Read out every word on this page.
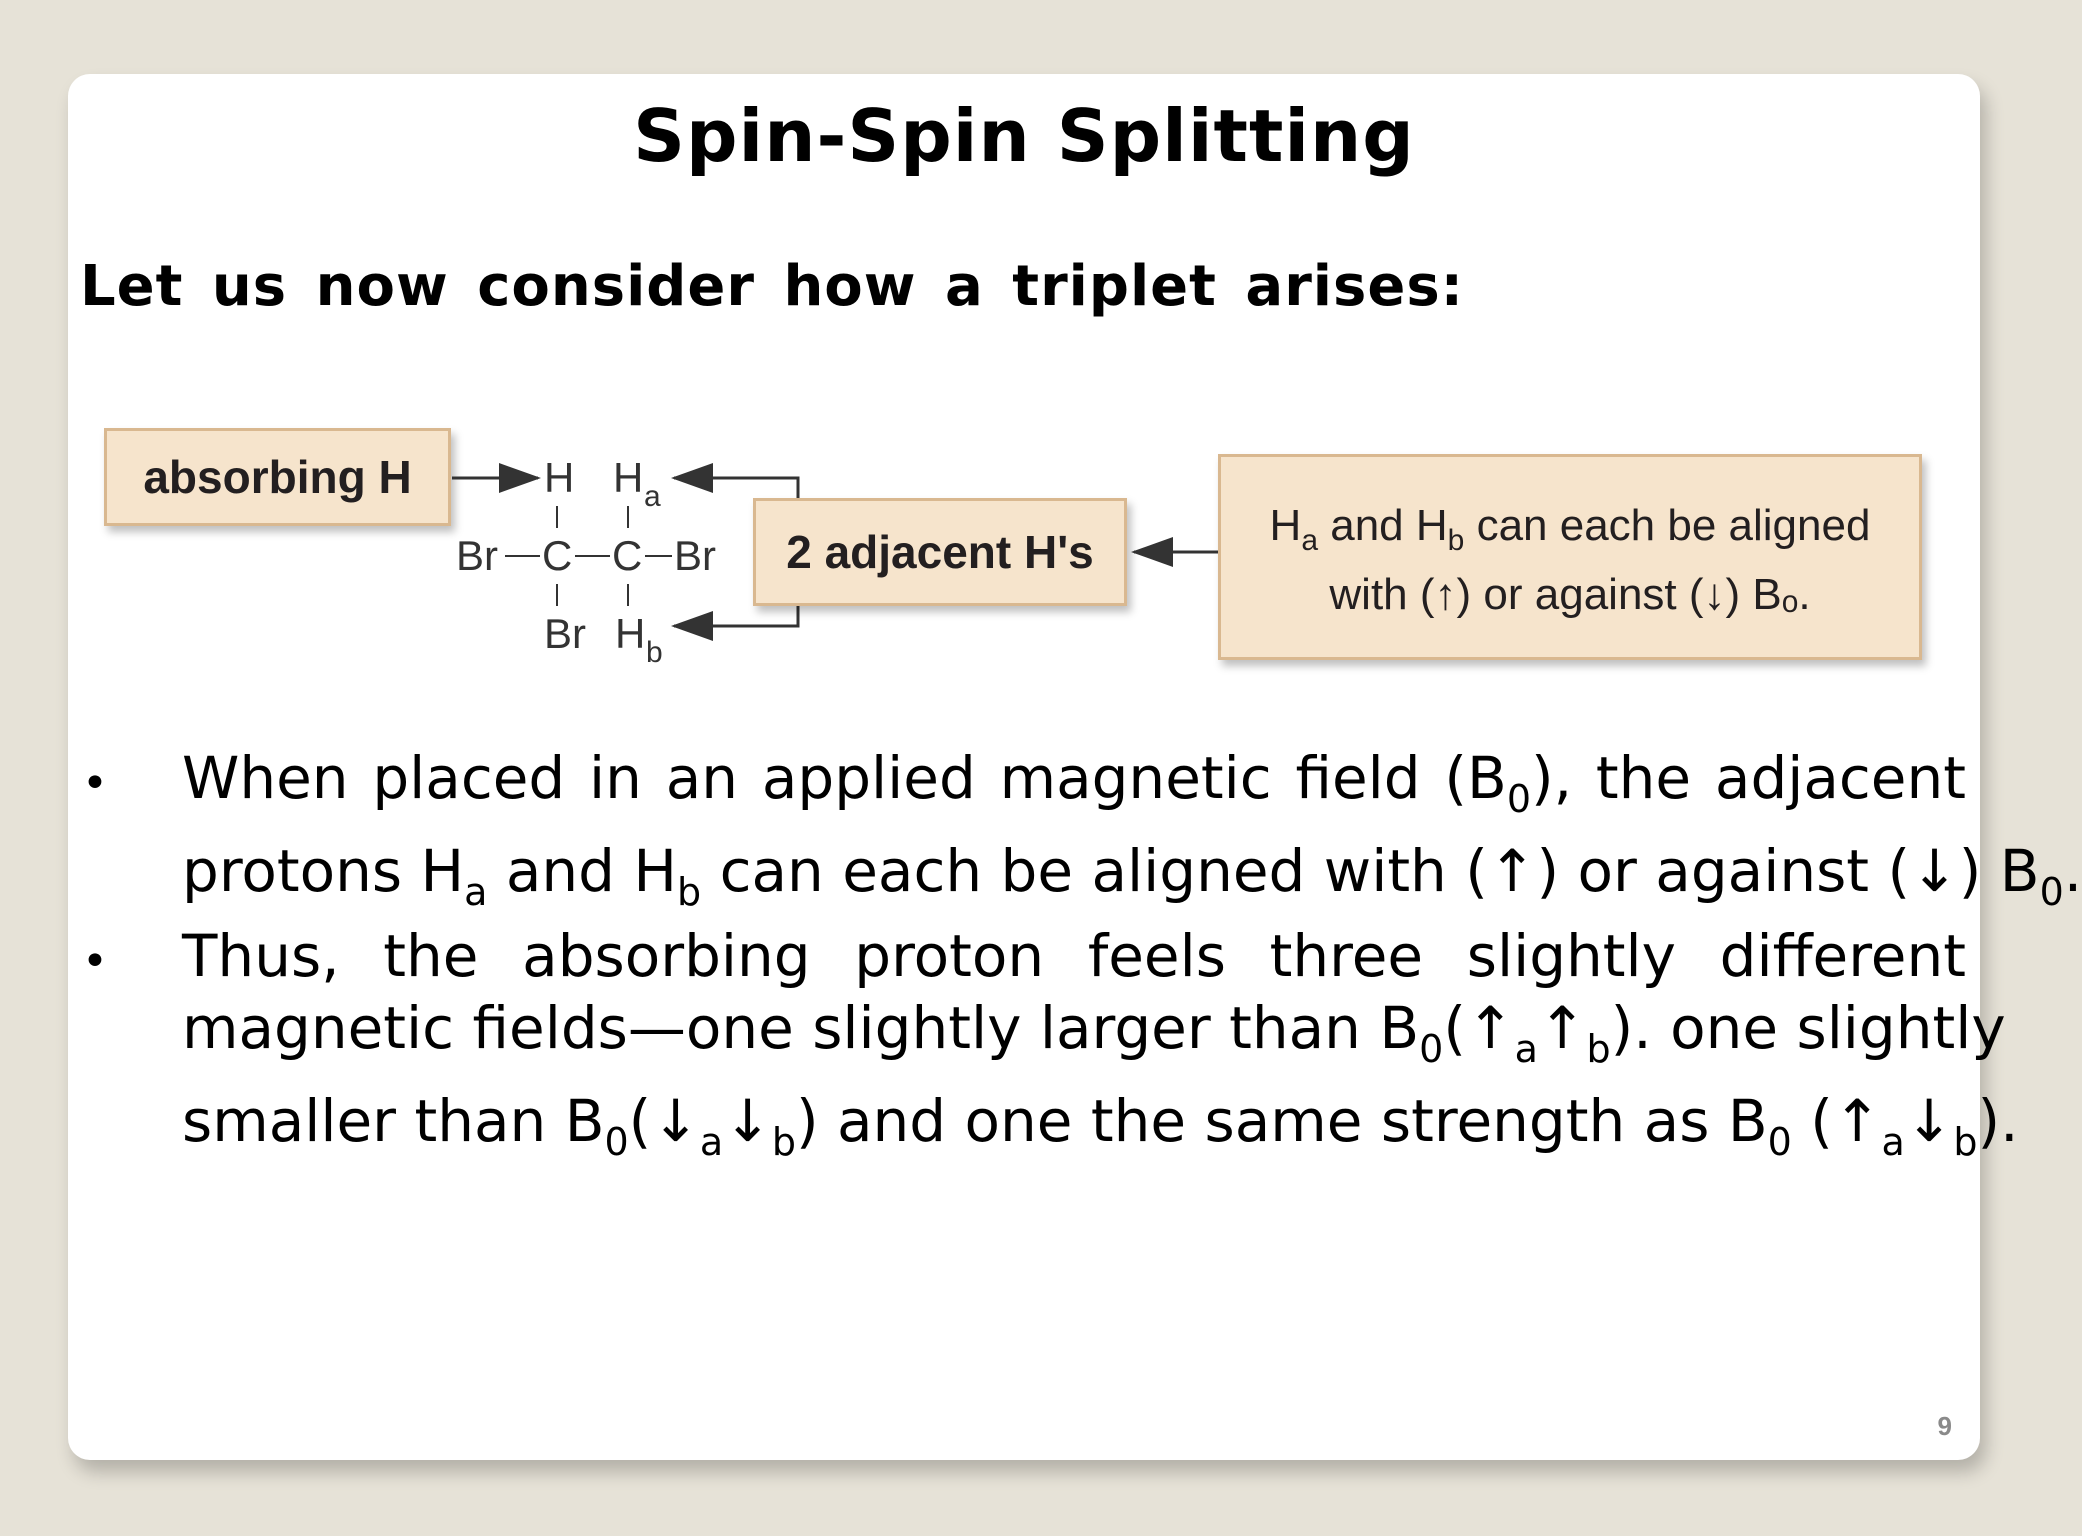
Spin-Spin Splitting
Let us now consider how a triplet arises:
absorbing H	H H a
Br C C Br
Br H b
2 adjacent H's
$H_a$ and $H_b$ can each be aligned
with (↑) or against (↓) Bₒ.
• When placed in an applied magnetic field $(B_0)$, the adjacent
protons $H_a$ and $H_b$ can each be aligned with (↑) or against (↓) $B_0$.
• Thus, the absorbing proton feels three slightly different
magnetic fields—one slightly larger than $B_0(↑_a↑_b)$. one slightly
smaller than $B_0(↓_a↓_b)$ and one the same strength as $B_0$ $(↑_a↓_b)$.
9
